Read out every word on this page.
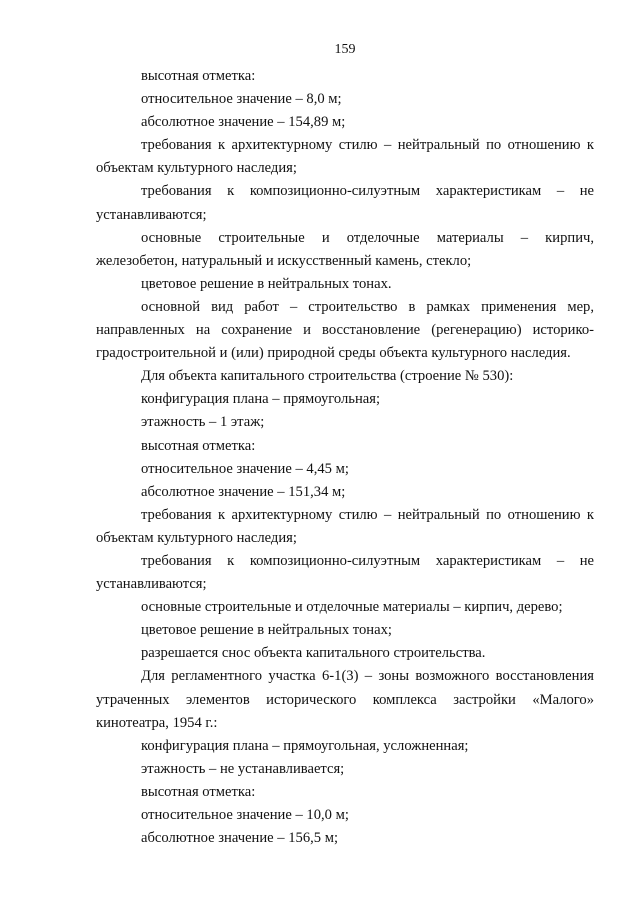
159

высотная отметка:

относительное значение – 8,0 м;

абсолютное значение – 154,89 м;

требования к архитектурному стилю – нейтральный по отношению к объектам культурного наследия;

требования к композиционно-силуэтным характеристикам – не устанавливаются;

основные строительные и отделочные материалы – кирпич, железобетон, натуральный и искусственный камень, стекло;

цветовое решение в нейтральных тонах.

основной вид работ – строительство в рамках применения мер, направленных на сохранение и восстановление (регенерацию) историко-градостроительной и (или) природной среды объекта культурного наследия.

Для объекта капитального строительства (строение № 530):

конфигурация плана – прямоугольная;

этажность – 1 этаж;

высотная отметка:

относительное значение – 4,45 м;

абсолютное значение – 151,34 м;

требования к архитектурному стилю – нейтральный по отношению к объектам культурного наследия;

требования к композиционно-силуэтным характеристикам – не устанавливаются;

основные строительные и отделочные материалы – кирпич, дерево;

цветовое решение в нейтральных тонах;

разрешается снос объекта капитального строительства.

Для регламентного участка 6-1(3) – зоны возможного восстановления утраченных элементов исторического комплекса застройки «Малого» кинотеатра, 1954 г.:

конфигурация плана – прямоугольная, усложненная;

этажность – не устанавливается;

высотная отметка:

относительное значение – 10,0 м;

абсолютное значение – 156,5 м;
